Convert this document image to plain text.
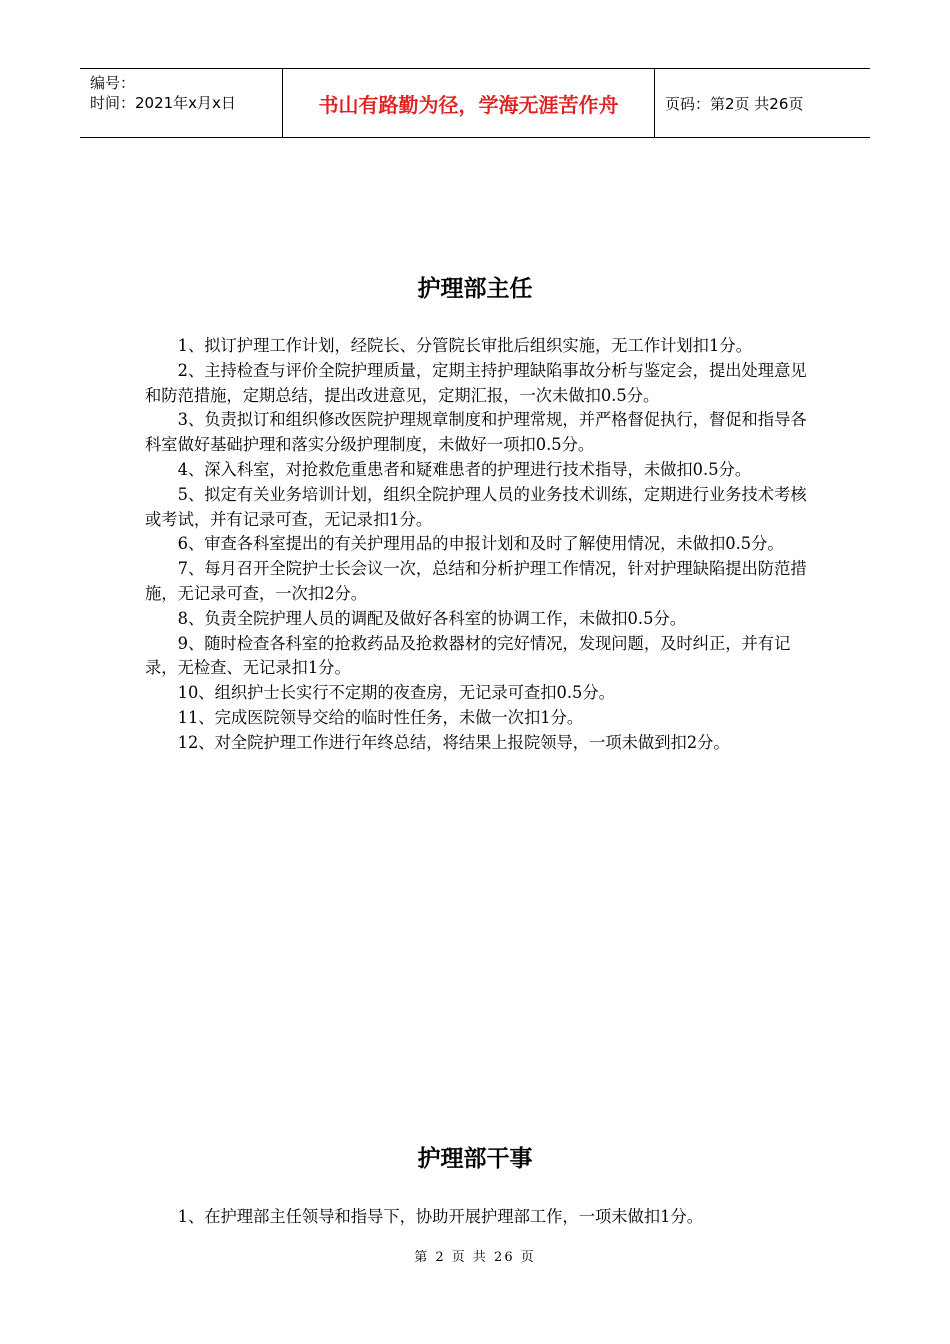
编号：
时间：2021年x月x日	书山有路勤为径，学海无涯苦作舟	页码：第2页 共26页
护理部主任

1、拟订护理工作计划，经院长、分管院长审批后组织实施，无工作计划扣1分。

2、主持检查与评价全院护理质量，定期主持护理缺陷事故分析与鉴定会，提出处理意见和防范措施，定期总结，提出改进意见，定期汇报，一次未做扣0.5分。

3、负责拟订和组织修改医院护理规章制度和护理常规，并严格督促执行，督促和指导各科室做好基础护理和落实分级护理制度，未做好一项扣0.5分。

4、深入科室，对抢救危重患者和疑难患者的护理进行技术指导，未做扣0.5分。

5、拟定有关业务培训计划，组织全院护理人员的业务技术训练，定期进行业务技术考核或考试，并有记录可查，无记录扣1分。

6、审查各科室提出的有关护理用品的申报计划和及时了解使用情况，未做扣0.5分。

7、每月召开全院护士长会议一次，总结和分析护理工作情况，针对护理缺陷提出防范措施，无记录可查，一次扣2分。

8、负责全院护理人员的调配及做好各科室的协调工作，未做扣0.5分。

9、随时检查各科室的抢救药品及抢救器材的完好情况，发现问题，及时纠正，并有记录，无检查、无记录扣1分。

10、组织护士长实行不定期的夜查房，无记录可查扣0.5分。

11、完成医院领导交给的临时性任务，未做一次扣1分。

12、对全院护理工作进行年终总结，将结果上报院领导，一项未做到扣2分。

护理部干事

1、在护理部主任领导和指导下，协助开展护理部工作，一项未做扣1分。

第 2 页 共 26 页
